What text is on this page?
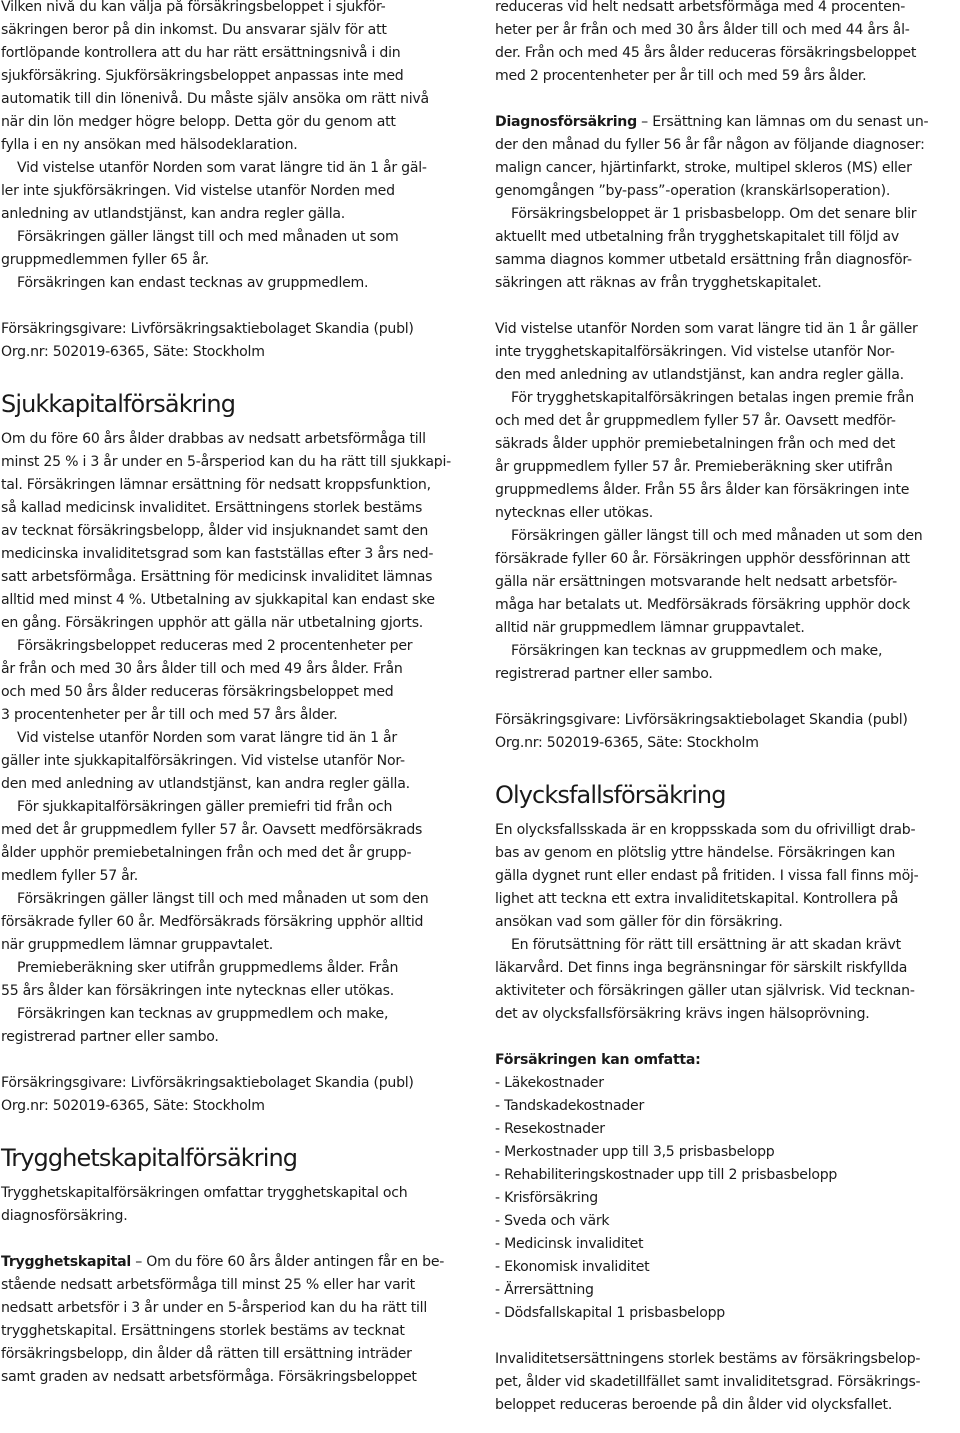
Vilken nivå du kan välja på försäkringsbeloppet i sjukför-
säkringen beror på din inkomst. Du ansvarar själv för att
fortlöpande kontrollera att du har rätt ersättningsnivå i din
sjukförsäkring. Sjukförsäkringsbeloppet anpassas inte med
automatik till din lönenivå. Du måste själv ansöka om rätt nivå
när din lön medger högre belopp. Detta gör du genom att
fylla i en ny ansökan med hälsodeklaration.

Vid vistelse utanför Norden som varat längre tid än 1 år gäl-
ler inte sjukförsäkringen. Vid vistelse utanför Norden med
anledning av utlandstjänst, kan andra regler gälla.

Försäkringen gäller längst till och med månaden ut som
gruppmedlemmen fyller 65 år.

Försäkringen kan endast tecknas av gruppmedlem.

Försäkringsgivare: Livförsäkringsaktiebolaget Skandia (publ)
Org.nr: 502019-6365, Säte: Stockholm

Sjukkapitalförsäkring

Om du före 60 års ålder drabbas av nedsatt arbetsförmåga till
minst 25 % i 3 år under en 5-årsperiod kan du ha rätt till sjukkapi-
tal. Försäkringen lämnar ersättning för nedsatt kroppsfunktion,
så kallad medicinsk invaliditet. Ersättningens storlek bestäms
av tecknat försäkringsbelopp, ålder vid insjuknandet samt den
medicinska invaliditetsgrad som kan fastställas efter 3 års ned-
satt arbetsförmåga. Ersättning för medicinsk invaliditet lämnas
alltid med minst 4 %. Utbetalning av sjukkapital kan endast ske
en gång. Försäkringen upphör att gälla när utbetalning gjorts.

Försäkringsbeloppet reduceras med 2 procentenheter per
år från och med 30 års ålder till och med 49 års ålder. Från
och med 50 års ålder reduceras försäkringsbeloppet med
3 procentenheter per år till och med 57 års ålder.

Vid vistelse utanför Norden som varat längre tid än 1 år
gäller inte sjukkapitalförsäkringen. Vid vistelse utanför Nor-
den med anledning av utlandstjänst, kan andra regler gälla.

För sjukkapitalförsäkringen gäller premiefri tid från och
med det år gruppmedlem fyller 57 år. Oavsett medförsäkrads
ålder upphör premiebetalningen från och med det år grupp-
medlem fyller 57 år.

Försäkringen gäller längst till och med månaden ut som den
försäkrade fyller 60 år. Medförsäkrads försäkring upphör alltid
när gruppmedlem lämnar gruppavtalet.

Premieberäkning sker utifrån gruppmedlems ålder. Från
55 års ålder kan försäkringen inte nytecknas eller utökas.

Försäkringen kan tecknas av gruppmedlem och make,
registrerad partner eller sambo.

Försäkringsgivare: Livförsäkringsaktiebolaget Skandia (publ)
Org.nr: 502019-6365, Säte: Stockholm

Trygghetskapitalförsäkring

Trygghetskapitalförsäkringen omfattar trygghetskapital och
diagnosförsäkring.

Trygghetskapital – Om du före 60 års ålder antingen får en be-
stående nedsatt arbetsförmåga till minst 25 % eller har varit
nedsatt arbetsför i 3 år under en 5-årsperiod kan du ha rätt till
trygghetskapital. Ersättningens storlek bestäms av tecknat
försäkringsbelopp, din ålder då rätten till ersättning inträder
samt graden av nedsatt arbetsförmåga. Försäkringsbeloppet

reduceras vid helt nedsatt arbetsförmåga med 4 procenten-
heter per år från och med 30 års ålder till och med 44 års ål-
der. Från och med 45 års ålder reduceras försäkringsbeloppet
med 2 procentenheter per år till och med 59 års ålder.

Diagnosförsäkring – Ersättning kan lämnas om du senast un-
der den månad du fyller 56 år får någon av följande diagnoser:
malign cancer, hjärtinfarkt, stroke, multipel skleros (MS) eller
genomgången ”by-pass”-operation (kranskärlsoperation).

Försäkringsbeloppet är 1 prisbasbelopp. Om det senare blir
aktuellt med utbetalning från trygghetskapitalet till följd av
samma diagnos kommer utbetald ersättning från diagnosför-
säkringen att räknas av från trygghetskapitalet.

Vid vistelse utanför Norden som varat längre tid än 1 år gäller
inte trygghetskapitalförsäkringen. Vid vistelse utanför Nor-
den med anledning av utlandstjänst, kan andra regler gälla.

För trygghetskapitalförsäkringen betalas ingen premie från
och med det år gruppmedlem fyller 57 år. Oavsett medför-
säkrads ålder upphör premiebetalningen från och med det
år gruppmedlem fyller 57 år. Premieberäkning sker utifrån
gruppmedlems ålder. Från 55 års ålder kan försäkringen inte
nytecknas eller utökas.

Försäkringen gäller längst till och med månaden ut som den
försäkrade fyller 60 år. Försäkringen upphör dessförinnan att
gälla när ersättningen motsvarande helt nedsatt arbetsför-
måga har betalats ut. Medförsäkrads försäkring upphör dock
alltid när gruppmedlem lämnar gruppavtalet.

Försäkringen kan tecknas av gruppmedlem och make,
registrerad partner eller sambo.

Försäkringsgivare: Livförsäkringsaktiebolaget Skandia (publ)
Org.nr: 502019-6365, Säte: Stockholm

Olycksfallsförsäkring

En olycksfallsskada är en kroppsskada som du ofrivilligt drab-
bas av genom en plötslig yttre händelse. Försäkringen kan
gälla dygnet runt eller endast på fritiden. I vissa fall finns möj-
lighet att teckna ett extra invaliditetskapital. Kontrollera på
ansökan vad som gäller för din försäkring.

En förutsättning för rätt till ersättning är att skadan krävt
läkarvård. Det finns inga begränsningar för särskilt riskfyllda
aktiviteter och försäkringen gäller utan självrisk. Vid tecknan-
det av olycksfallsförsäkring krävs ingen hälsoprövning.

Försäkringen kan omfatta:

- Läkekostnader
- Tandskadekostnader
- Resekostnader
- Merkostnader upp till 3,5 prisbasbelopp
- Rehabiliteringskostnader upp till 2 prisbasbelopp
- Krisförsäkring
- Sveda och värk
- Medicinsk invaliditet
- Ekonomisk invaliditet
- Ärrersättning
- Dödsfallskapital 1 prisbasbelopp

Invaliditetsersättningens storlek bestäms av försäkringsbelop-
pet, ålder vid skadetillfället samt invaliditetsgrad. Försäkrings-
beloppet reduceras beroende på din ålder vid olycksfallet.
